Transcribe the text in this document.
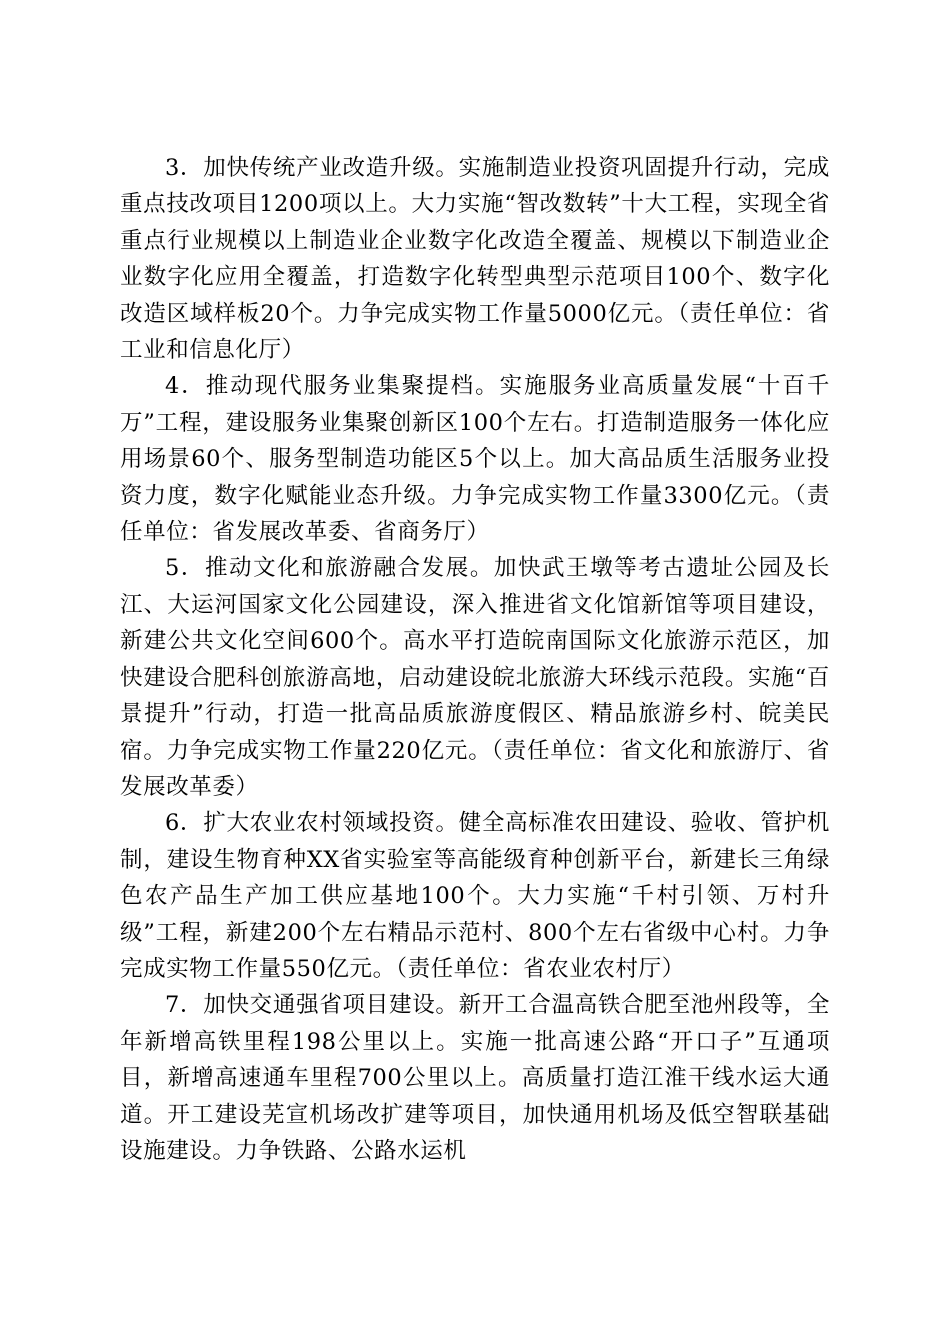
3．加快传统产业改造升级。实施制造业投资巩固提升行动，完成重点技改项目1200项以上。大力实施“智改数转”十大工程，实现全省重点行业规模以上制造业企业数字化改造全覆盖、规模以下制造业企业数字化应用全覆盖，打造数字化转型典型示范项目100个、数字化改造区域样板20个。力争完成实物工作量5000亿元。（责任单位：省工业和信息化厅）

4．推动现代服务业集聚提档。实施服务业高质量发展“十百千万”工程，建设服务业集聚创新区100个左右。打造制造服务一体化应用场景60个、服务型制造功能区5个以上。加大高品质生活服务业投资力度，数字化赋能业态升级。力争完成实物工作量3300亿元。（责任单位：省发展改革委、省商务厅）

5．推动文化和旅游融合发展。加快武王墩等考古遗址公园及长江、大运河国家文化公园建设，深入推进省文化馆新馆等项目建设，新建公共文化空间600个。高水平打造皖南国际文化旅游示范区，加快建设合肥科创旅游高地，启动建设皖北旅游大环线示范段。实施“百景提升”行动，打造一批高品质旅游度假区、精品旅游乡村、皖美民宿。力争完成实物工作量220亿元。（责任单位：省文化和旅游厅、省发展改革委）

6．扩大农业农村领域投资。健全高标准农田建设、验收、管护机制，建设生物育种XX省实验室等高能级育种创新平台，新建长三角绿色农产品生产加工供应基地100个。大力实施“千村引领、万村升级”工程，新建200个左右精品示范村、800个左右省级中心村。力争完成实物工作量550亿元。（责任单位：省农业农村厅）

7．加快交通强省项目建设。新开工合温高铁合肥至池州段等，全年新增高铁里程198公里以上。实施一批高速公路“开口子”互通项目，新增高速通车里程700公里以上。高质量打造江淮干线水运大通道。开工建设芜宣机场改扩建等项目，加快通用机场及低空智联基础设施建设。力争铁路、公路水运机
